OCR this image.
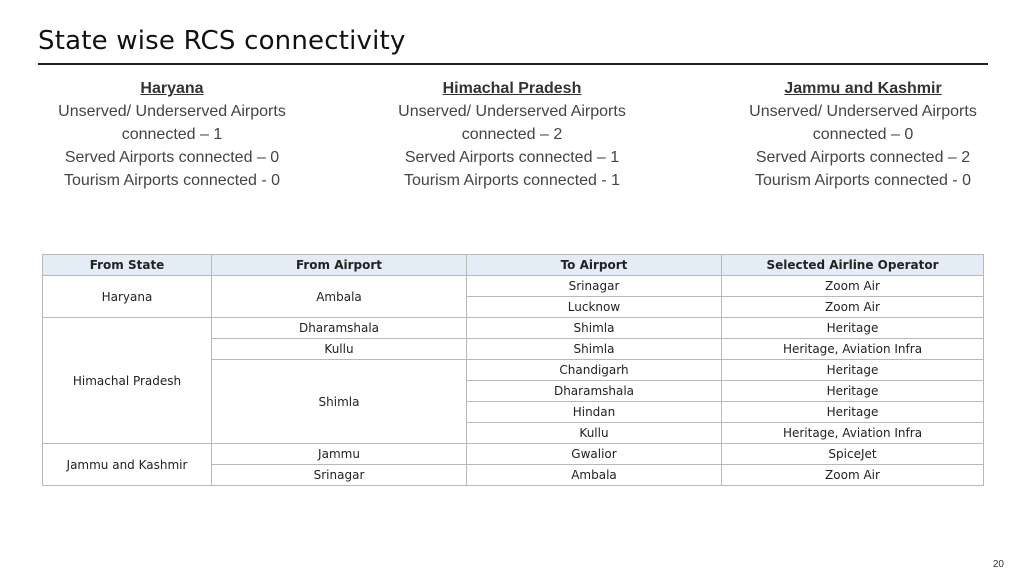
State wise RCS connectivity
Haryana
Unserved/ Underserved Airports
connected – 1
Served Airports connected – 0
Tourism Airports connected - 0
Himachal Pradesh
Unserved/ Underserved Airports
connected – 2
Served Airports connected – 1
Tourism Airports connected - 1
Jammu and Kashmir
Unserved/ Underserved Airports
connected – 0
Served Airports connected – 2
Tourism Airports connected - 0
From State	From Airport	To Airport	Selected Airline Operator
Haryana	Ambala	Srinagar	Zoom Air
		Lucknow	Zoom Air
Himachal Pradesh	Dharamshala	Shimla	Heritage
	Kullu	Shimla	Heritage, Aviation Infra
	Shimla	Chandigarh	Heritage
		Dharamshala	Heritage
		Hindan	Heritage
		Kullu	Heritage, Aviation Infra
Jammu and Kashmir	Jammu	Gwalior	SpiceJet
	Srinagar	Ambala	Zoom Air
20
